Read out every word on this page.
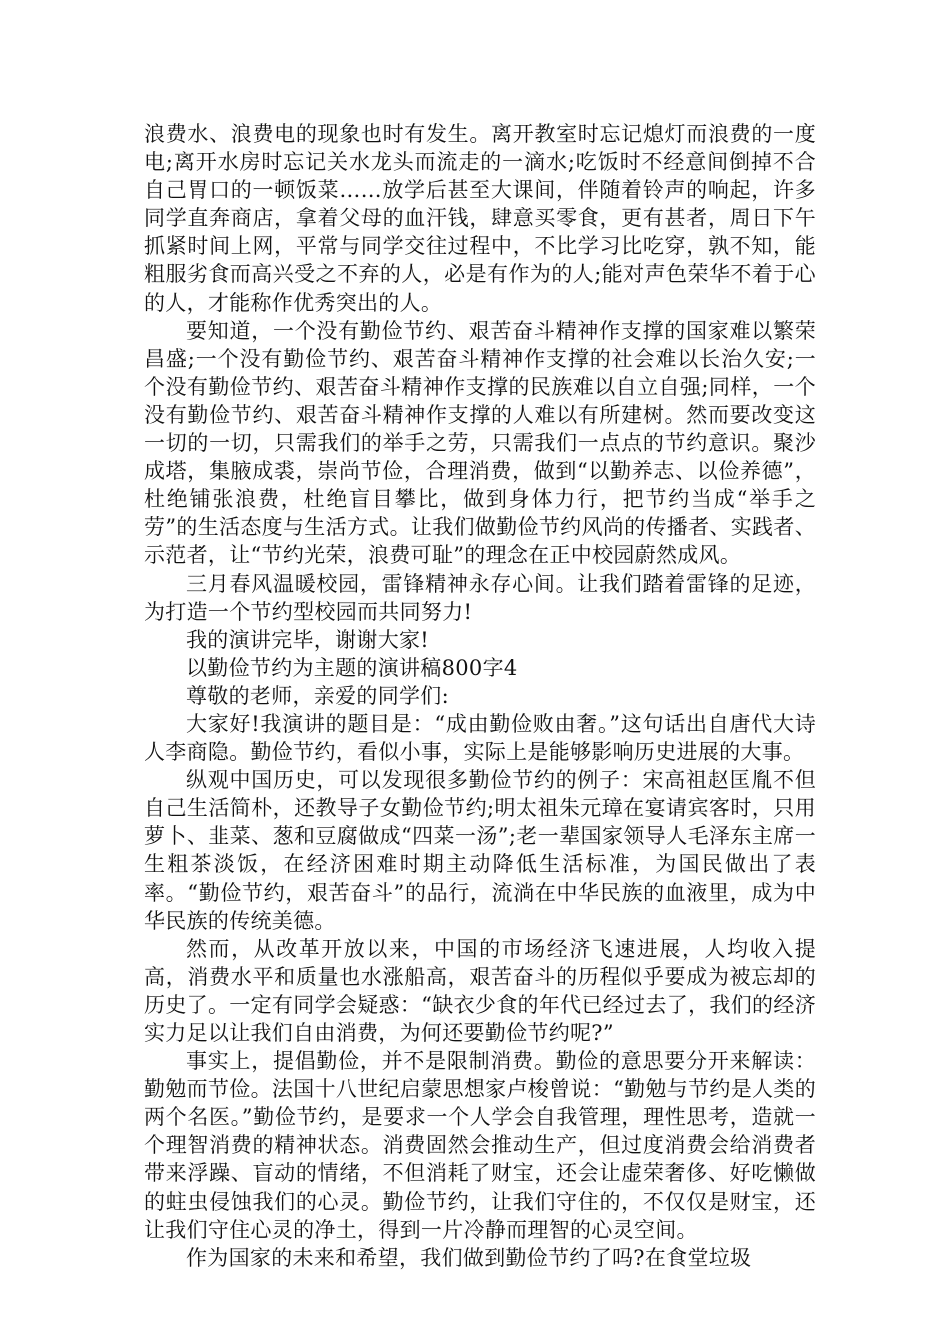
浪费水、浪费电的现象也时有发生。离开教室时忘记熄灯而浪费的一度电;离开水房时忘记关水龙头而流走的一滴水;吃饭时不经意间倒掉不合自己胃口的一顿饭菜……放学后甚至大课间，伴随着铃声的响起，许多同学直奔商店，拿着父母的血汗钱，肆意买零食，更有甚者，周日下午抓紧时间上网，平常与同学交往过程中，不比学习比吃穿，孰不知，能粗服劣食而高兴受之不弃的人，必是有作为的人;能对声色荣华不着于心的人，才能称作优秀突出的人。

要知道，一个没有勤俭节约、艰苦奋斗精神作支撑的国家难以繁荣昌盛;一个没有勤俭节约、艰苦奋斗精神作支撑的社会难以长治久安;一个没有勤俭节约、艰苦奋斗精神作支撑的民族难以自立自强;同样，一个没有勤俭节约、艰苦奋斗精神作支撑的人难以有所建树。然而要改变这一切的一切，只需我们的举手之劳，只需我们一点点的节约意识。聚沙成塔，集腋成裘，崇尚节俭，合理消费，做到“以勤养志、以俭养德”，杜绝铺张浪费，杜绝盲目攀比，做到身体力行，把节约当成“举手之劳”的生活态度与生活方式。让我们做勤俭节约风尚的传播者、实践者、示范者，让“节约光荣，浪费可耻”的理念在正中校园蔚然成风。

三月春风温暖校园，雷锋精神永存心间。让我们踏着雷锋的足迹，为打造一个节约型校园而共同努力!

我的演讲完毕，谢谢大家!

以勤俭节约为主题的演讲稿800字4

尊敬的老师，亲爱的同学们:

大家好!我演讲的题目是：“成由勤俭败由奢。”这句话出自唐代大诗人李商隐。勤俭节约，看似小事，实际上是能够影响历史进展的大事。

纵观中国历史，可以发现很多勤俭节约的例子：宋高祖赵匡胤不但自己生活简朴，还教导子女勤俭节约;明太祖朱元璋在宴请宾客时，只用萝卜、韭菜、葱和豆腐做成“四菜一汤”;老一辈国家领导人毛泽东主席一生粗茶淡饭，在经济困难时期主动降低生活标准，为国民做出了表率。“勤俭节约，艰苦奋斗”的品行，流淌在中华民族的血液里，成为中华民族的传统美德。

然而，从改革开放以来，中国的市场经济飞速进展，人均收入提高，消费水平和质量也水涨船高，艰苦奋斗的历程似乎要成为被忘却的历史了。一定有同学会疑惑：“缺衣少食的年代已经过去了，我们的经济实力足以让我们自由消费，为何还要勤俭节约呢?”

事实上，提倡勤俭，并不是限制消费。勤俭的意思要分开来解读：勤勉而节俭。法国十八世纪启蒙思想家卢梭曾说：“勤勉与节约是人类的两个名医。”勤俭节约，是要求一个人学会自我管理，理性思考，造就一个理智消费的精神状态。消费固然会推动生产，但过度消费会给消费者带来浮躁、盲动的情绪，不但消耗了财宝，还会让虚荣奢侈、好吃懒做的蛀虫侵蚀我们的心灵。勤俭节约，让我们守住的，不仅仅是财宝，还让我们守住心灵的净土，得到一片冷静而理智的心灵空间。

作为国家的未来和希望，我们做到勤俭节约了吗?在食堂垃圾
